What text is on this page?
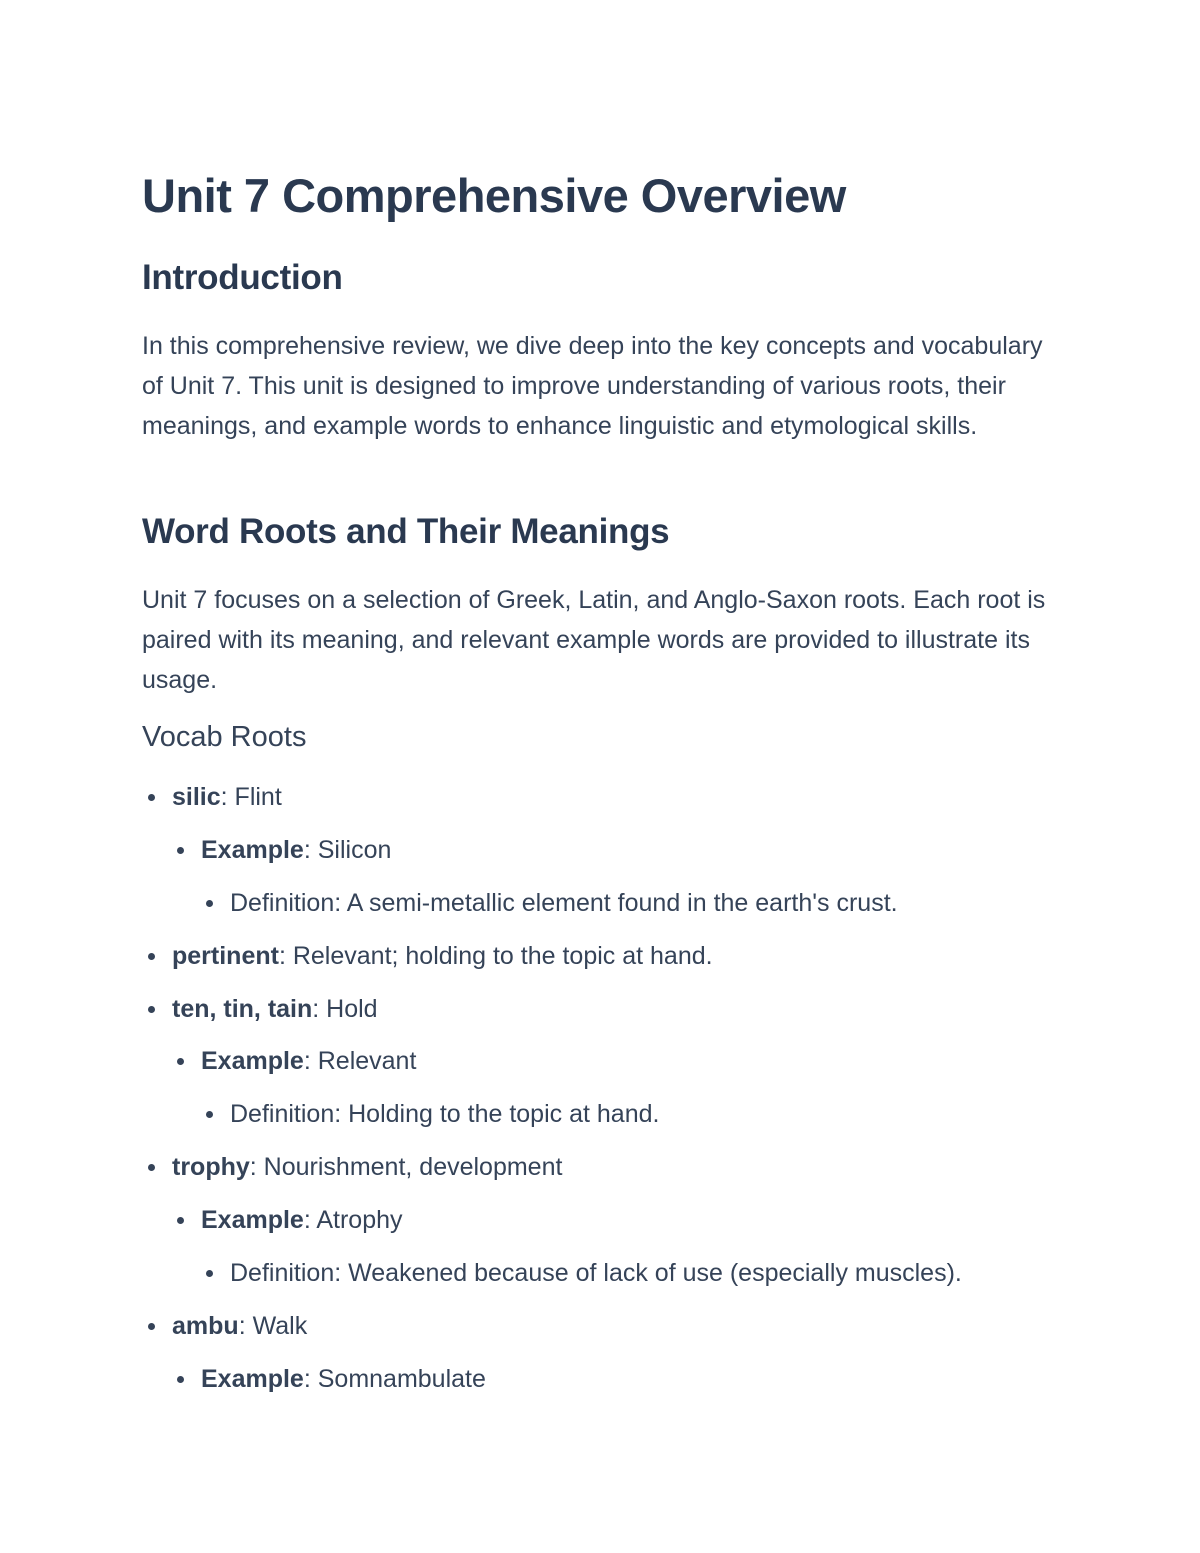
Unit 7 Comprehensive Overview
Introduction

In this comprehensive review, we dive deep into the key concepts and vocabulary of Unit 7. This unit is designed to improve understanding of various roots, their meanings, and example words to enhance linguistic and etymological skills.

Word Roots and Their Meanings

Unit 7 focuses on a selection of Greek, Latin, and Anglo-Saxon roots. Each root is paired with its meaning, and relevant example words are provided to illustrate its usage.

Vocab Roots
silic: Flint
Example: Silicon
Definition: A semi-metallic element found in the earth's crust.
pertinent: Relevant; holding to the topic at hand.
ten, tin, tain: Hold
Example: Relevant
Definition: Holding to the topic at hand.
trophy: Nourishment, development
Example: Atrophy
Definition: Weakened because of lack of use (especially muscles).
ambu: Walk
Example: Somnambulate
